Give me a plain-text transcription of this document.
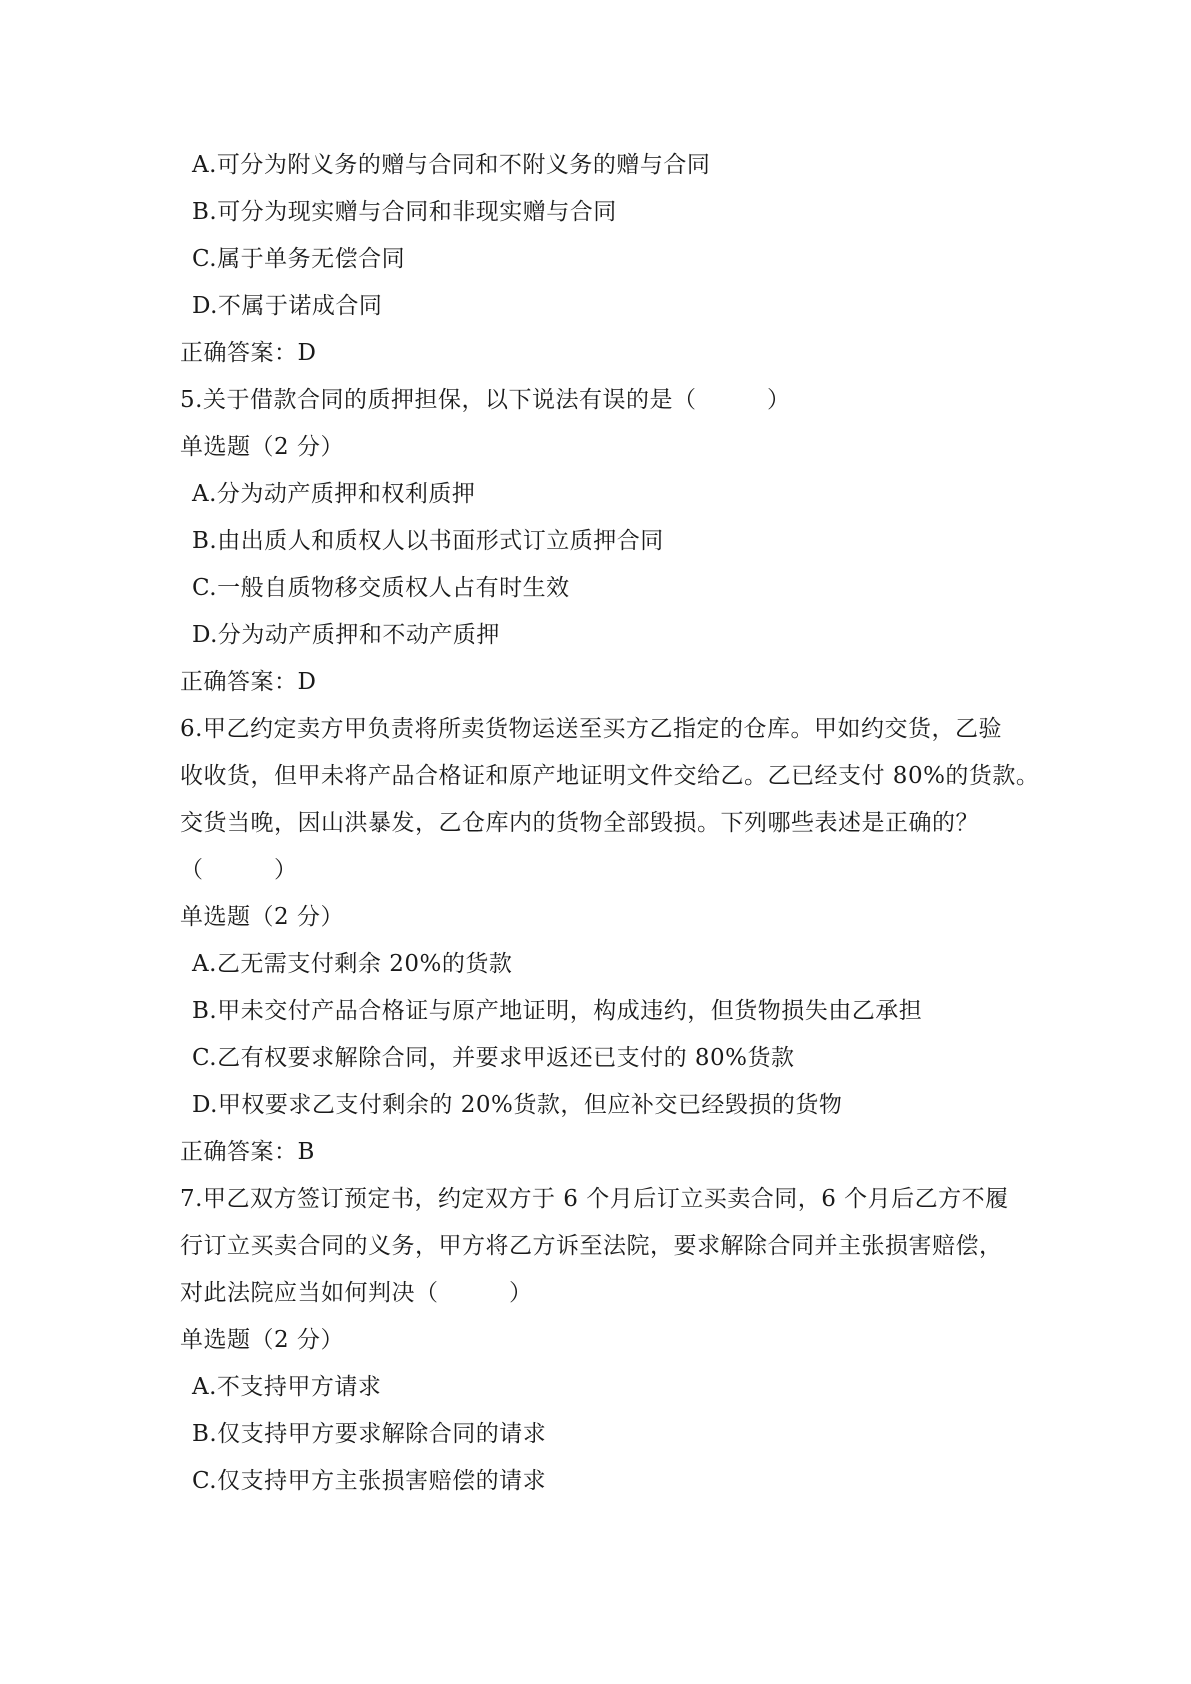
A.可分为附义务的赠与合同和不附义务的赠与合同
B.可分为现实赠与合同和非现实赠与合同
C.属于单务无偿合同
D.不属于诺成合同
正确答案：D
5.关于借款合同的质押担保，以下说法有误的是（　　　）
单选题（2 分）
A.分为动产质押和权利质押
B.由出质人和质权人以书面形式订立质押合同
C.一般自质物移交质权人占有时生效
D.分为动产质押和不动产质押
正确答案：D
6.甲乙约定卖方甲负责将所卖货物运送至买方乙指定的仓库。甲如约交货，乙验
收收货，但甲未将产品合格证和原产地证明文件交给乙。乙已经支付 80%的货款。
交货当晚，因山洪暴发，乙仓库内的货物全部毁损。下列哪些表述是正确的？
（　　　）
单选题（2 分）
A.乙无需支付剩余 20%的货款
B.甲未交付产品合格证与原产地证明，构成违约，但货物损失由乙承担
C.乙有权要求解除合同，并要求甲返还已支付的 80%货款
D.甲权要求乙支付剩余的 20%货款，但应补交已经毁损的货物
正确答案：B
7.甲乙双方签订预定书，约定双方于 6 个月后订立买卖合同，6 个月后乙方不履
行订立买卖合同的义务，甲方将乙方诉至法院，要求解除合同并主张损害赔偿，
对此法院应当如何判决（　　　）
单选题（2 分）
A.不支持甲方请求
B.仅支持甲方要求解除合同的请求
C.仅支持甲方主张损害赔偿的请求
